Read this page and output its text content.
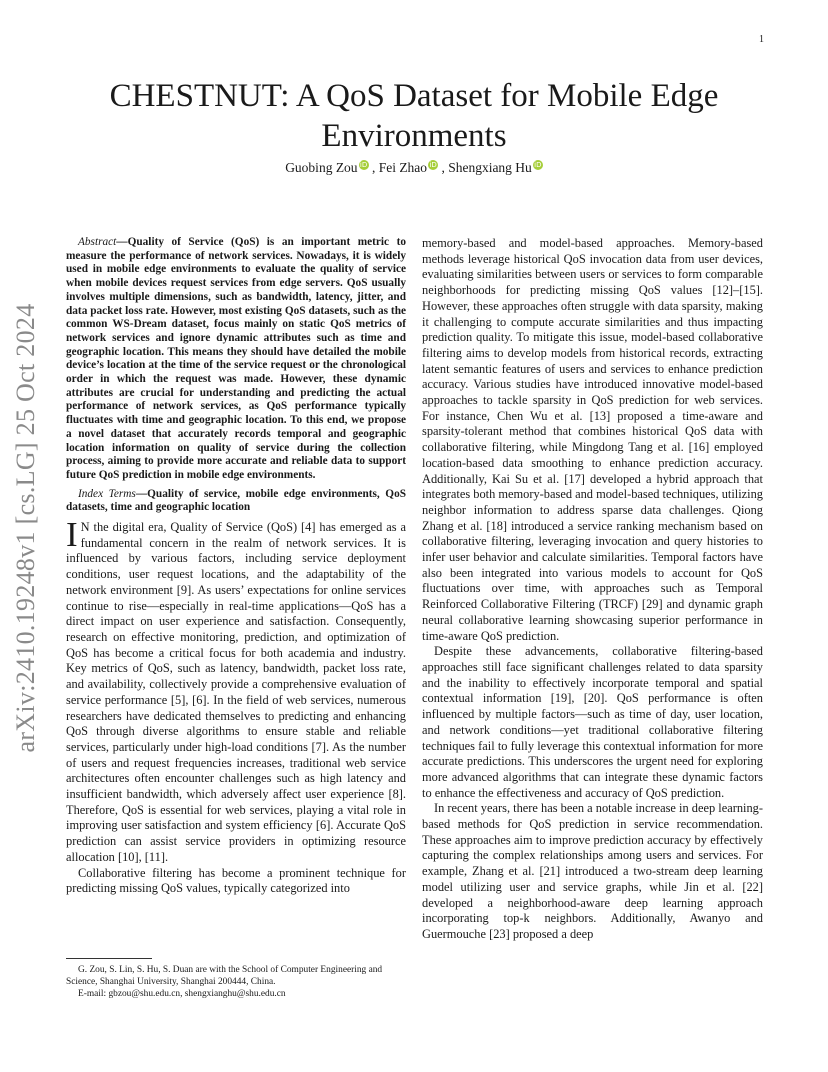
1
arXiv:2410.19248v1 [cs.LG] 25 Oct 2024
CHESTNUT: A QoS Dataset for Mobile Edge Environments
Guobing Zou iD , Fei Zhao iD , Shengxiang Hu iD

Abstract—Quality of Service (QoS) is an important metric to measure the performance of network services. Nowadays, it is widely used in mobile edge environments to evaluate the quality of service when mobile devices request services from edge servers. QoS usually involves multiple dimensions, such as bandwidth, latency, jitter, and data packet loss rate. However, most existing QoS datasets, such as the common WS-Dream dataset, focus mainly on static QoS metrics of network services and ignore dynamic attributes such as time and geographic location. This means they should have detailed the mobile device’s location at the time of the service request or the chronological order in which the request was made. However, these dynamic attributes are crucial for understanding and predicting the actual performance of network services, as QoS performance typically fluctuates with time and geographic location. To this end, we propose a novel dataset that accurately records temporal and geographic location information on quality of service during the collection process, aiming to provide more accurate and reliable data to support future QoS prediction in mobile edge environments.

Index Terms—Quality of service, mobile edge environments, QoS datasets, time and geographic location

I N the digital era, Quality of Service (QoS) [4] has emerged as a fundamental concern in the realm of network services. It is influenced by various factors, including service deployment conditions, user request locations, and the adaptability of the network environment [9]. As users’ expectations for online services continue to rise—especially in real-time applications—QoS has a direct impact on user experience and satisfaction. Consequently, research on effective monitoring, prediction, and optimization of QoS has become a critical focus for both academia and industry. Key metrics of QoS, such as latency, bandwidth, packet loss rate, and availability, collectively provide a comprehensive evaluation of service performance [5], [6]. In the field of web services, numerous researchers have dedicated themselves to predicting and enhancing QoS through diverse algorithms to ensure stable and reliable services, particularly under high-load conditions [7]. As the number of users and request frequencies increases, traditional web service architectures often encounter challenges such as high latency and insufficient bandwidth, which adversely affect user experience [8]. Therefore, QoS is essential for web services, playing a vital role in improving user satisfaction and system efficiency [6]. Accurate QoS prediction can assist service providers in optimizing resource allocation [10], [11].

Collaborative filtering has become a prominent technique for predicting missing QoS values, typically categorized into

memory-based and model-based approaches. Memory-based methods leverage historical QoS invocation data from user devices, evaluating similarities between users or services to form comparable neighborhoods for predicting missing QoS values [12]–[15]. However, these approaches often struggle with data sparsity, making it challenging to compute accurate similarities and thus impacting prediction quality. To mitigate this issue, model-based collaborative filtering aims to develop models from historical records, extracting latent semantic features of users and services to enhance prediction accuracy. Various studies have introduced innovative model-based approaches to tackle sparsity in QoS prediction for web services. For instance, Chen Wu et al. [13] proposed a time-aware and sparsity-tolerant method that combines historical QoS data with collaborative filtering, while Mingdong Tang et al. [16] employed location-based data smoothing to enhance prediction accuracy. Additionally, Kai Su et al. [17] developed a hybrid approach that integrates both memory-based and model-based techniques, utilizing neighbor information to address sparse data challenges. Qiong Zhang et al. [18] introduced a service ranking mechanism based on collaborative filtering, leveraging invocation and query histories to infer user behavior and calculate similarities. Temporal factors have also been integrated into various models to account for QoS fluctuations over time, with approaches such as Temporal Reinforced Collaborative Filtering (TRCF) [29] and dynamic graph neural collaborative learning showcasing superior performance in time-aware QoS prediction.

Despite these advancements, collaborative filtering-based approaches still face significant challenges related to data sparsity and the inability to effectively incorporate temporal and spatial contextual information [19], [20]. QoS performance is often influenced by multiple factors—such as time of day, user location, and network conditions—yet traditional collaborative filtering techniques fail to fully leverage this contextual information for more accurate predictions. This underscores the urgent need for exploring more advanced algorithms that can integrate these dynamic factors to enhance the effectiveness and accuracy of QoS prediction.

In recent years, there has been a notable increase in deep learning-based methods for QoS prediction in service recommendation. These approaches aim to improve prediction accuracy by effectively capturing the complex relationships among users and services. For example, Zhang et al. [21] introduced a two-stream deep learning model utilizing user and service graphs, while Jin et al. [22] developed a neighborhood-aware deep learning approach incorporating top-k neighbors. Additionally, Awanyo and Guermouche [23] proposed a deep

G. Zou, S. Lin, S. Hu, S. Duan are with the School of Computer Engineering and Science, Shanghai University, Shanghai 200444, China.

E-mail: gbzou@shu.edu.cn, shengxianghu@shu.edu.cn
